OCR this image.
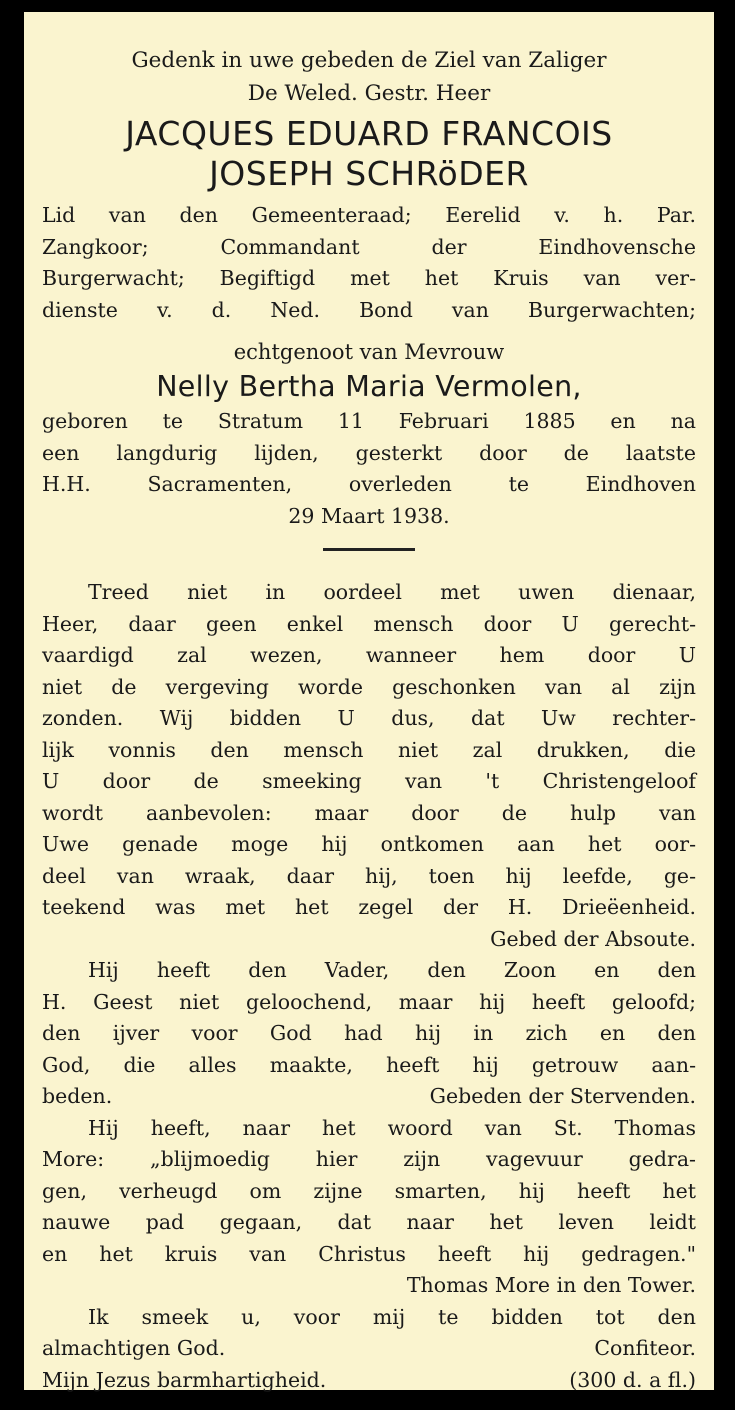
Gedenk in uwe gebeden de Ziel van Zaliger

De Weled. Gestr. Heer

JACQUES EDUARD FRANCOIS

JOSEPH SCHRöDER

Lid van den Gemeenteraad; Eerelid v. h. Par.

Zangkoor; Commandant der Eindhovensche

Burgerwacht; Begiftigd met het Kruis van ver-

dienste v. d. Ned. Bond van Burgerwachten;

echtgenoot van Mevrouw

Nelly Bertha Maria Vermolen,

geboren te Stratum 11 Februari 1885 en na

een langdurig lijden, gesterkt door de laatste

H.H. Sacramenten, overleden te Eindhoven

29 Maart 1938.

Treed niet in oordeel met uwen dienaar,

Heer, daar geen enkel mensch door U gerecht-

vaardigd zal wezen, wanneer hem door U

niet de vergeving worde geschonken van al zijn

zonden. Wij bidden U dus, dat Uw rechter-

lijk vonnis den mensch niet zal drukken, die

U door de smeeking van 't Christengeloof

wordt aanbevolen: maar door de hulp van

Uwe genade moge hij ontkomen aan het oor-

deel van wraak, daar hij, toen hij leefde, ge-

teekend was met het zegel der H. Drieëenheid.

Gebed der Absoute.

Hij heeft den Vader, den Zoon en den

H. Geest niet geloochend, maar hij heeft geloofd;

den ijver voor God had hij in zich en den

God, die alles maakte, heeft hij getrouw aan-

beden.	Gebeden der Stervenden.

Hij heeft, naar het woord van St. Thomas

More: „blijmoedig hier zijn vagevuur gedra-

gen, verheugd om zijne smarten, hij heeft het

nauwe pad gegaan, dat naar het leven leidt

en het kruis van Christus heeft hij gedragen."

Thomas More in den Tower.

Ik smeek u, voor mij te bidden tot den

almachtigen God.	Confiteor.
Mijn Jezus barmhartigheid.	(300 d. a fl.)
